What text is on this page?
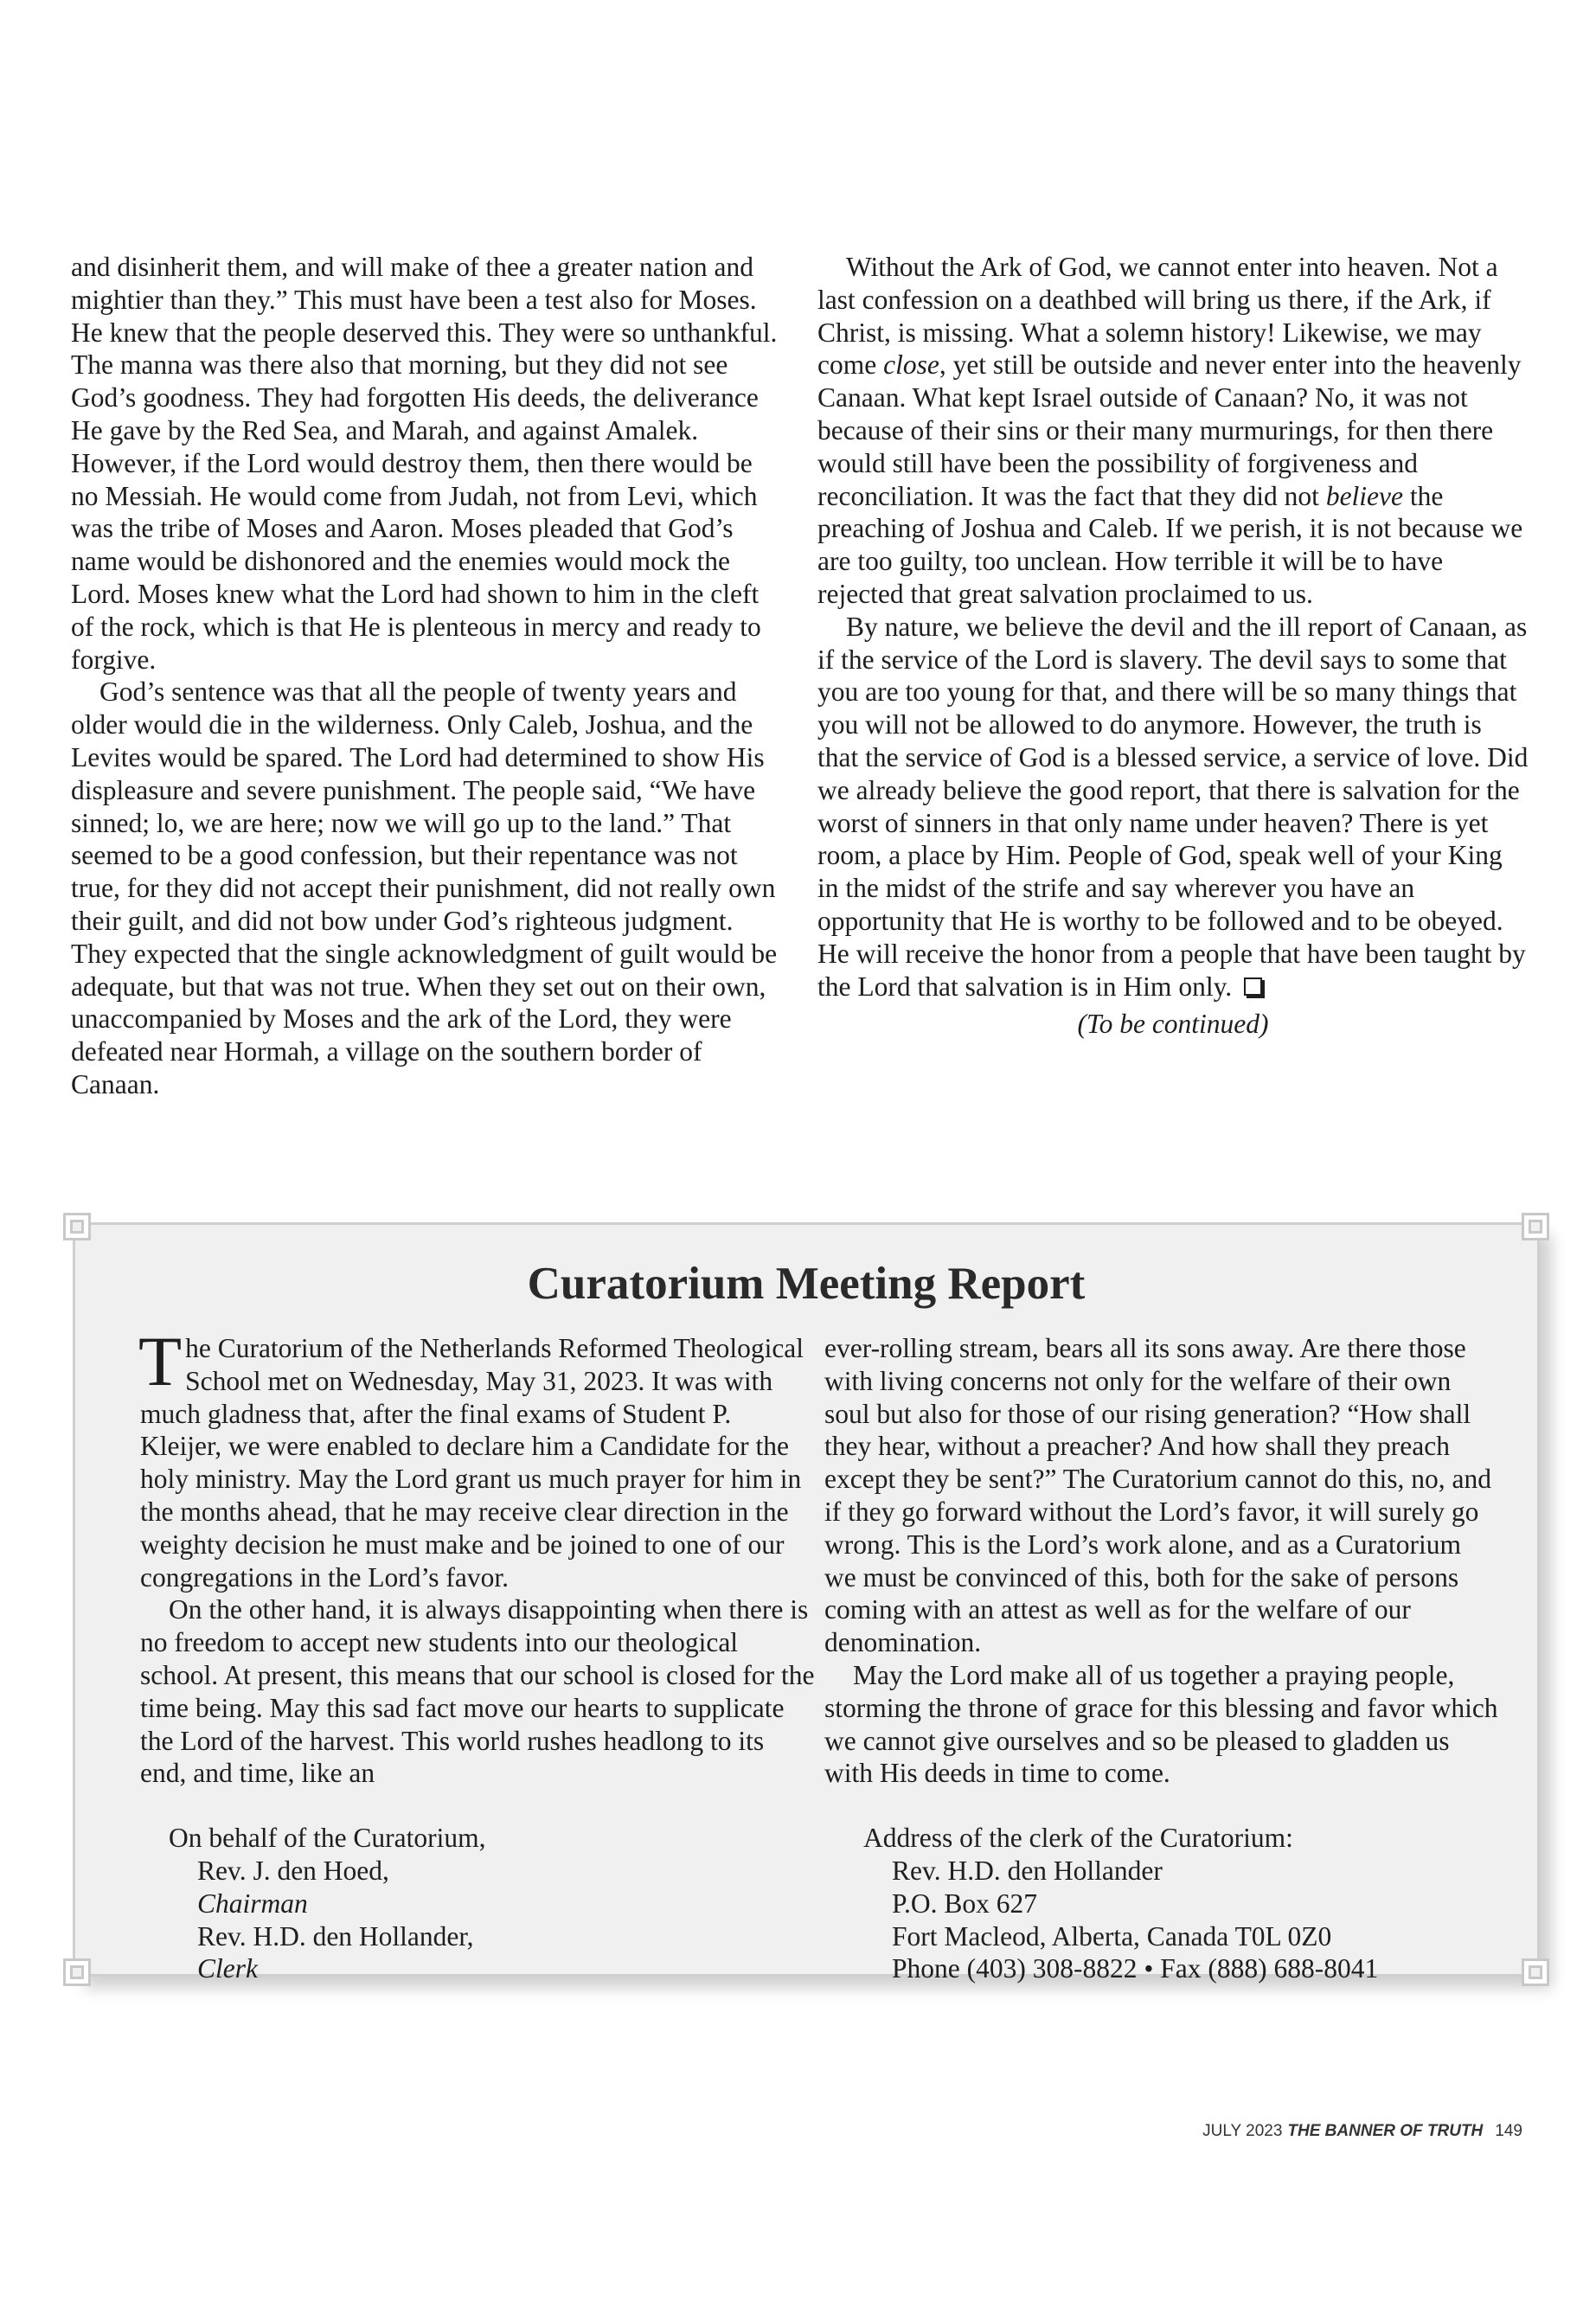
and disinherit them, and will make of thee a greater nation and mightier than they.” This must have been a test also for Moses. He knew that the people deserved this. They were so unthankful. The manna was there also that morning, but they did not see God’s goodness. They had forgotten His deeds, the deliverance He gave by the Red Sea, and Marah, and against Amalek. However, if the Lord would destroy them, then there would be no Messiah. He would come from Judah, not from Levi, which was the tribe of Moses and Aaron. Moses pleaded that God’s name would be dishonored and the enemies would mock the Lord. Moses knew what the Lord had shown to him in the cleft of the rock, which is that He is plenteous in mercy and ready to forgive.

God’s sentence was that all the people of twenty years and older would die in the wilderness. Only Caleb, Joshua, and the Levites would be spared. The Lord had determined to show His displeasure and severe punishment. The people said, “We have sinned; lo, we are here; now we will go up to the land.” That seemed to be a good confession, but their repentance was not true, for they did not accept their punishment, did not really own their guilt, and did not bow under God’s righteous judgment. They expected that the single acknowledgment of guilt would be adequate, but that was not true. When they set out on their own, unaccompanied by Moses and the ark of the Lord, they were defeated near Hormah, a village on the southern border of Canaan.

Without the Ark of God, we cannot enter into heaven. Not a last confession on a deathbed will bring us there, if the Ark, if Christ, is missing. What a solemn history! Likewise, we may come close, yet still be outside and never enter into the heavenly Canaan. What kept Israel outside of Canaan? No, it was not because of their sins or their many murmurings, for then there would still have been the possibility of forgiveness and reconciliation. It was the fact that they did not believe the preaching of Joshua and Caleb. If we perish, it is not because we are too guilty, too unclean. How terrible it will be to have rejected that great salvation proclaimed to us.

By nature, we believe the devil and the ill report of Canaan, as if the service of the Lord is slavery. The devil says to some that you are too young for that, and there will be so many things that you will not be allowed to do anymore. However, the truth is that the service of God is a blessed service, a service of love. Did we already believe the good report, that there is salvation for the worst of sinners in that only name under heaven? There is yet room, a place by Him. People of God, speak well of your King in the midst of the strife and say wherever you have an opportunity that He is worthy to be followed and to be obeyed. He will receive the honor from a people that have been taught by the Lord that salvation is in Him only.

(To be continued)

Curatorium Meeting Report

The Curatorium of the Netherlands Reformed Theological School met on Wednesday, May 31, 2023. It was with much gladness that, after the final exams of Student P. Kleijer, we were enabled to declare him a Candidate for the holy ministry. May the Lord grant us much prayer for him in the months ahead, that he may receive clear direction in the weighty decision he must make and be joined to one of our congregations in the Lord’s favor.

On the other hand, it is always disappointing when there is no freedom to accept new students into our theological school. At present, this means that our school is closed for the time being. May this sad fact move our hearts to supplicate the Lord of the harvest. This world rushes headlong to its end, and time, like an

On behalf of the Curatorium,
Rev. J. den Hoed,
Chairman
Rev. H.D. den Hollander,
Clerk

ever-rolling stream, bears all its sons away. Are there those with living concerns not only for the welfare of their own soul but also for those of our rising generation? “How shall they hear, without a preacher? And how shall they preach except they be sent?” The Curatorium cannot do this, no, and if they go forward without the Lord’s favor, it will surely go wrong. This is the Lord’s work alone, and as a Curatorium we must be convinced of this, both for the sake of persons coming with an attest as well as for the welfare of our denomination.

May the Lord make all of us together a praying people, storming the throne of grace for this blessing and favor which we cannot give ourselves and so be pleased to gladden us with His deeds in time to come.

Address of the clerk of the Curatorium:
Rev. H.D. den Hollander
P.O. Box 627
Fort Macleod, Alberta, Canada T0L 0Z0
Phone (403) 308-8822 • Fax (888) 688-8041

JULY 2023 THE BANNER OF TRUTH 149
